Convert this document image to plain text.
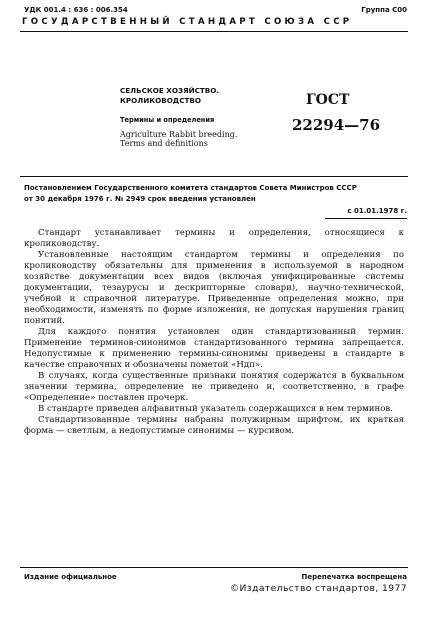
УДК 001.4 : 636 : 006.354	Группа С00
ГОСУДАРСТВЕННЫЙ СТАНДАРТ СОЮЗА ССР
СЕЛЬСКОЕ ХОЗЯЙСТВО.
КРОЛИКОВОДСТВО
Термины и определения
Agriculture Rabbit breeding.
Terms and definitions
ГОСТ
22294—76
Постановлением Государственного комитета стандартов Совета Министров СССР
от 30 декабря 1976 г. № 2949 срок введения установлен
с 01.01.1978 г.

Стандарт устанавливает термины и определения, относящиеся к кролиководству.

Установленные настоящим стандартом термины и определения по кролиководству обязательны для применения в используемой в народном хозяйстве документации всех видов (включая унифицированные системы документации, тезаурусы и дескрипторные словари), научно-технической, учебной и справочной литературе. Приведенные определения можно, при необходимости, изменять по форме изложения, не допуская нарушения границ понятий.

Для каждого понятия установлен один стандартизованный термин. Применение терминов-синонимов стандартизованного термина запрещается. Недопустимые к применению термины-синонимы приведены в стандарте в качестве справочных и обозначены пометой «Ндп».

В случаях, когда существенные признаки понятия содержатся в буквальном значении термина, определение не приведено и, соответственно, в графе «Определение» поставлен прочерк.

В стандарте приведен алфавитный указатель содержащихся в нем терминов.

Стандартизованные термины набраны полужирным шрифтом, их краткая форма — светлым, а недопустимые синонимы — курсивом.

Издание официальное	Перепечатка воспрещена
©Издательство стандартов, 1977
